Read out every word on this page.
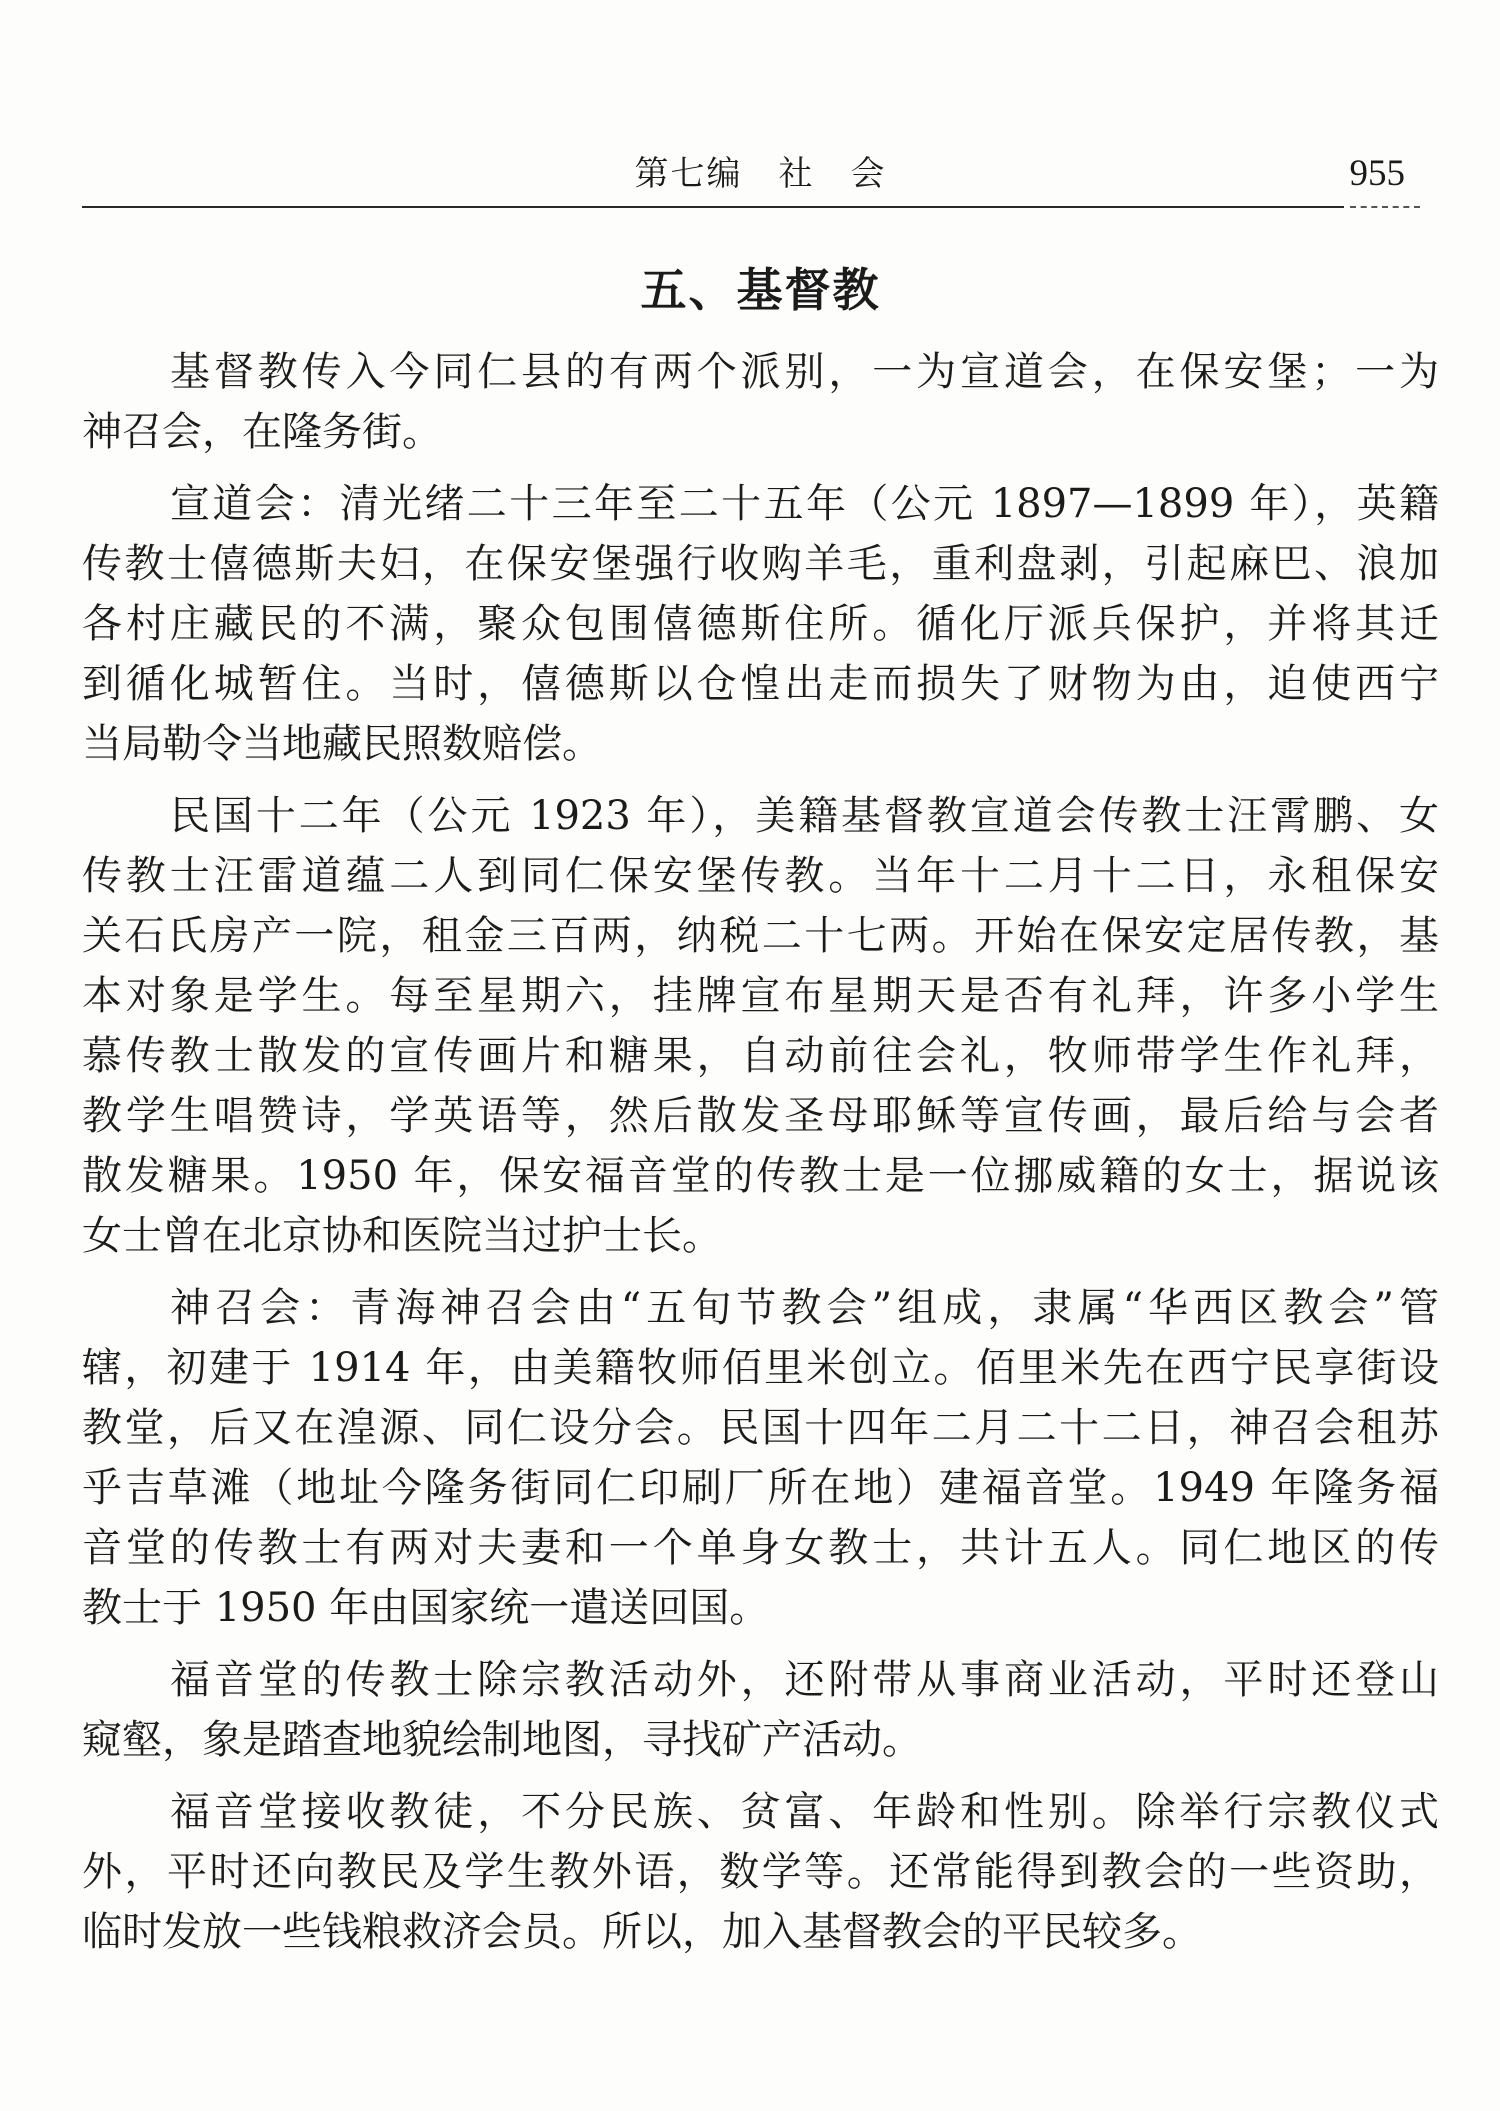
第七编　社　会	955
五、基督教
基督教传入今同仁县的有两个派别，一为宣道会，在保安堡；一为
神召会，在隆务街。
宣道会：清光绪二十三年至二十五年（公元 1897—1899 年），英籍
传教士僖德斯夫妇，在保安堡强行收购羊毛，重利盘剥，引起麻巴、浪加
各村庄藏民的不满，聚众包围僖德斯住所。循化厅派兵保护，并将其迁
到循化城暂住。当时，僖德斯以仓惶出走而损失了财物为由，迫使西宁
当局勒令当地藏民照数赔偿。
民国十二年（公元 1923 年），美籍基督教宣道会传教士汪霄鹏、女
传教士汪雷道蕴二人到同仁保安堡传教。当年十二月十二日，永租保安
关石氏房产一院，租金三百两，纳税二十七两。开始在保安定居传教，基
本对象是学生。每至星期六，挂牌宣布星期天是否有礼拜，许多小学生
慕传教士散发的宣传画片和糖果，自动前往会礼，牧师带学生作礼拜，
教学生唱赞诗，学英语等，然后散发圣母耶稣等宣传画，最后给与会者
散发糖果。1950 年，保安福音堂的传教士是一位挪威籍的女士，据说该
女士曾在北京协和医院当过护士长。
神召会：青海神召会由“五旬节教会”组成，隶属“华西区教会”管
辖，初建于 1914 年，由美籍牧师佰里米创立。佰里米先在西宁民享街设
教堂，后又在湟源、同仁设分会。民国十四年二月二十二日，神召会租苏
乎吉草滩（地址今隆务街同仁印刷厂所在地）建福音堂。1949 年隆务福
音堂的传教士有两对夫妻和一个单身女教士，共计五人。同仁地区的传
教士于 1950 年由国家统一遣送回国。
福音堂的传教士除宗教活动外，还附带从事商业活动，平时还登山
窥壑，象是踏查地貌绘制地图，寻找矿产活动。
福音堂接收教徒，不分民族、贫富、年龄和性别。除举行宗教仪式
外，平时还向教民及学生教外语，数学等。还常能得到教会的一些资助，
临时发放一些钱粮救济会员。所以，加入基督教会的平民较多。
